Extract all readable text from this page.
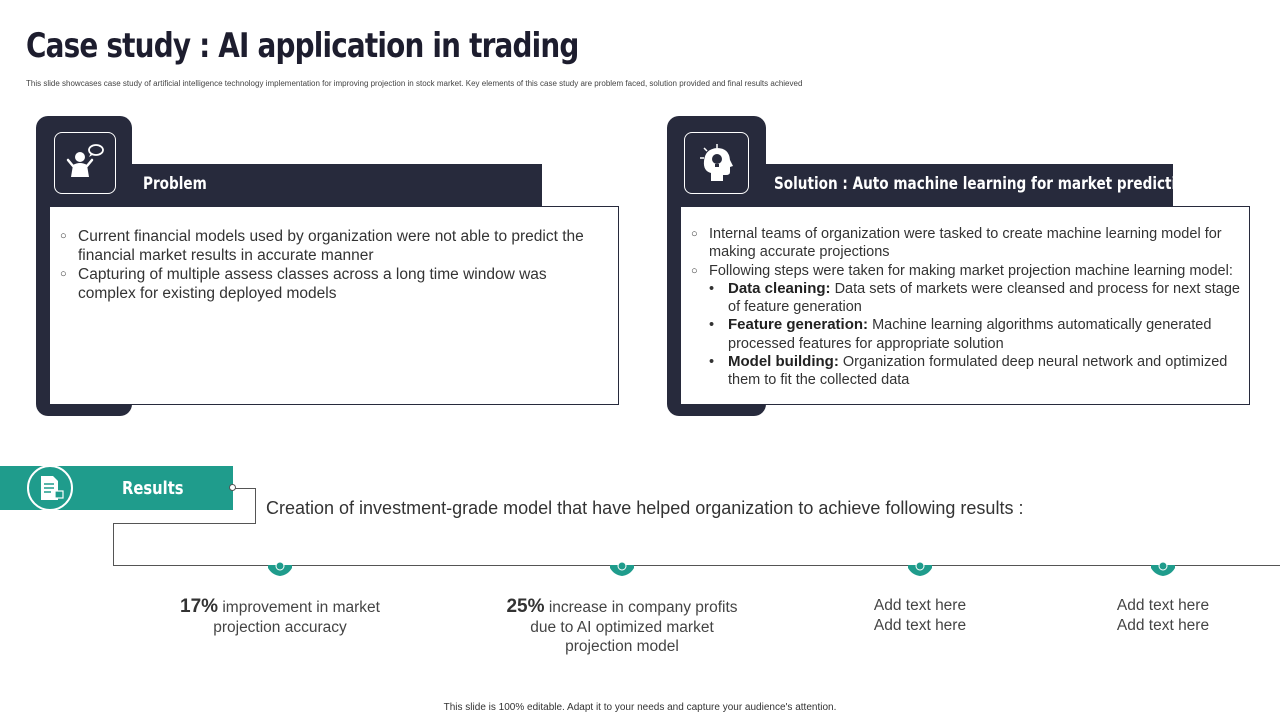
Case study : AI application in trading
This slide showcases case study of artificial intelligence technology implementation for improving projection in stock market. Key elements of this case study are problem faced, solution provided and final results achieved
Problem
○ Current financial models used by organization were not able to predict the financial market results in accurate manner
○ Capturing of multiple assess classes across a long time window was complex for existing deployed models
Solution : Auto machine learning for market prediction
○ Internal teams of organization were tasked to create machine learning model for making accurate projections
○ Following steps were taken for making market projection machine learning model:
• Data cleaning: Data sets of markets were cleansed and process for next stage of feature generation
• Feature generation: Machine learning algorithms automatically generated processed features for appropriate solution
• Model building: Organization formulated deep neural network and optimized them to fit the collected data
Results
Creation of investment-grade model that have helped organization to achieve following results :
17% improvement in market projection accuracy
25% increase in company profits due to AI optimized market projection model
Add text here Add text here
Add text here Add text here
This slide is 100% editable. Adapt it to your needs and capture your audience's attention.
